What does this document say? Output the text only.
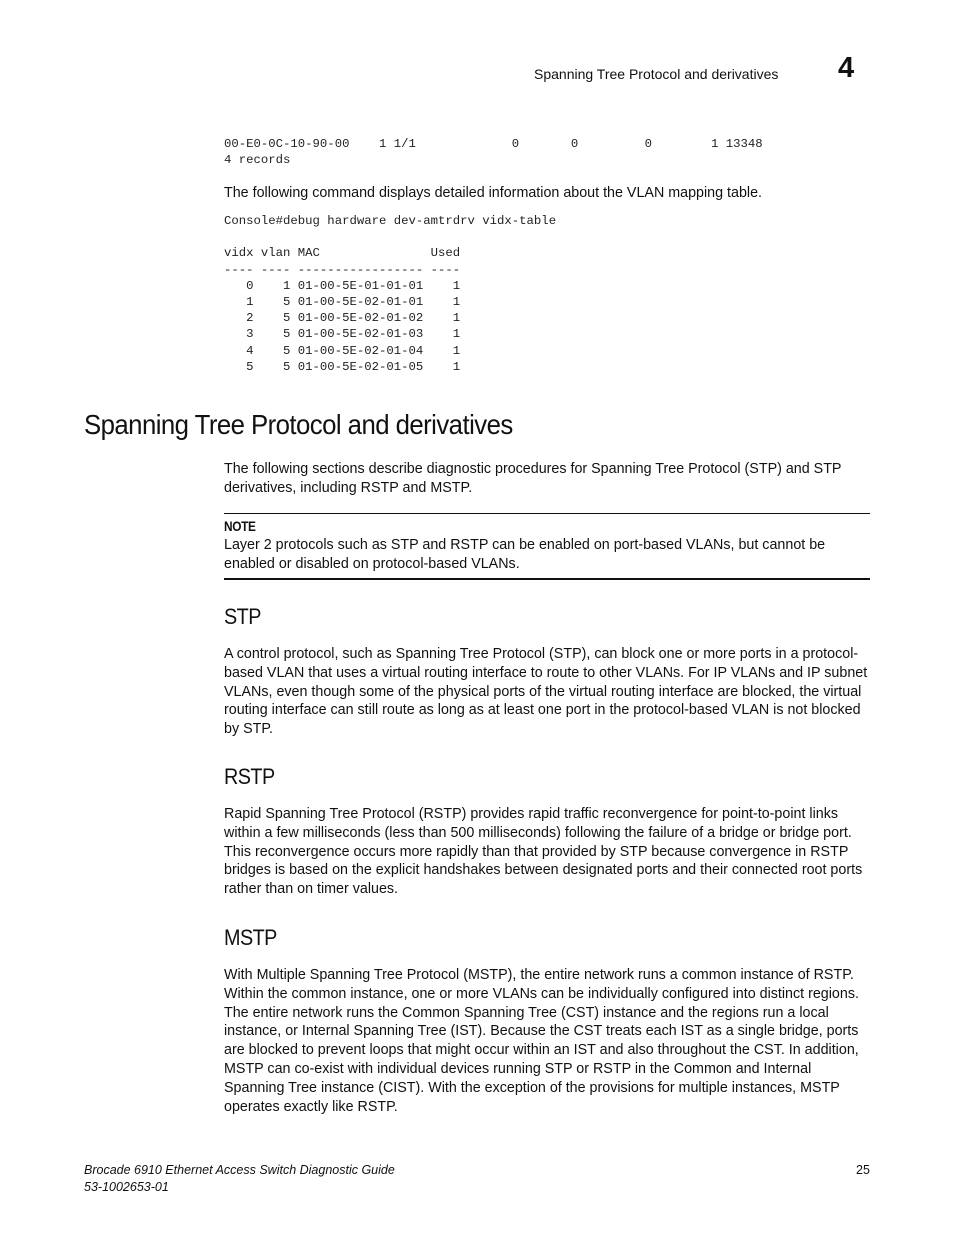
Spanning Tree Protocol and derivatives 4
00-E0-0C-10-90-00    1 1/1             0       0         0        1 13348
4 records
The following command displays detailed information about the VLAN mapping table.
Console#debug hardware dev-amtrdrv vidx-table

vidx vlan MAC               Used
---- ---- ----------------- ----
0    1 01-00-5E-01-01-01    1
1    5 01-00-5E-02-01-01    1
2    5 01-00-5E-02-01-02    1
3    5 01-00-5E-02-01-03    1
4    5 01-00-5E-02-01-04    1
5    5 01-00-5E-02-01-05    1
Spanning Tree Protocol and derivatives
The following sections describe diagnostic procedures for Spanning Tree Protocol (STP) and STP derivatives, including RSTP and MSTP.
NOTE
Layer 2 protocols such as STP and RSTP can be enabled on port-based VLANs, but cannot be enabled or disabled on protocol-based VLANs.
STP
A control protocol, such as Spanning Tree Protocol (STP), can block one or more ports in a protocol-based VLAN that uses a virtual routing interface to route to other VLANs. For IP VLANs and IP subnet VLANs, even though some of the physical ports of the virtual routing interface are blocked, the virtual routing interface can still route as long as at least one port in the protocol-based VLAN is not blocked by STP.
RSTP
Rapid Spanning Tree Protocol (RSTP) provides rapid traffic reconvergence for point-to-point links within a few milliseconds (less than 500 milliseconds) following the failure of a bridge or bridge port. This reconvergence occurs more rapidly than that provided by STP because convergence in RSTP bridges is based on the explicit handshakes between designated ports and their connected root ports rather than on timer values.
MSTP
With Multiple Spanning Tree Protocol (MSTP), the entire network runs a common instance of RSTP. Within the common instance, one or more VLANs can be individually configured into distinct regions. The entire network runs the Common Spanning Tree (CST) instance and the regions run a local instance, or Internal Spanning Tree (IST). Because the CST treats each IST as a single bridge, ports are blocked to prevent loops that might occur within an IST and also throughout the CST. In addition, MSTP can co-exist with individual devices running STP or RSTP in the Common and Internal Spanning Tree instance (CIST). With the exception of the provisions for multiple instances, MSTP operates exactly like RSTP.
Brocade 6910 Ethernet Access Switch Diagnostic Guide
53-1002653-01
25
